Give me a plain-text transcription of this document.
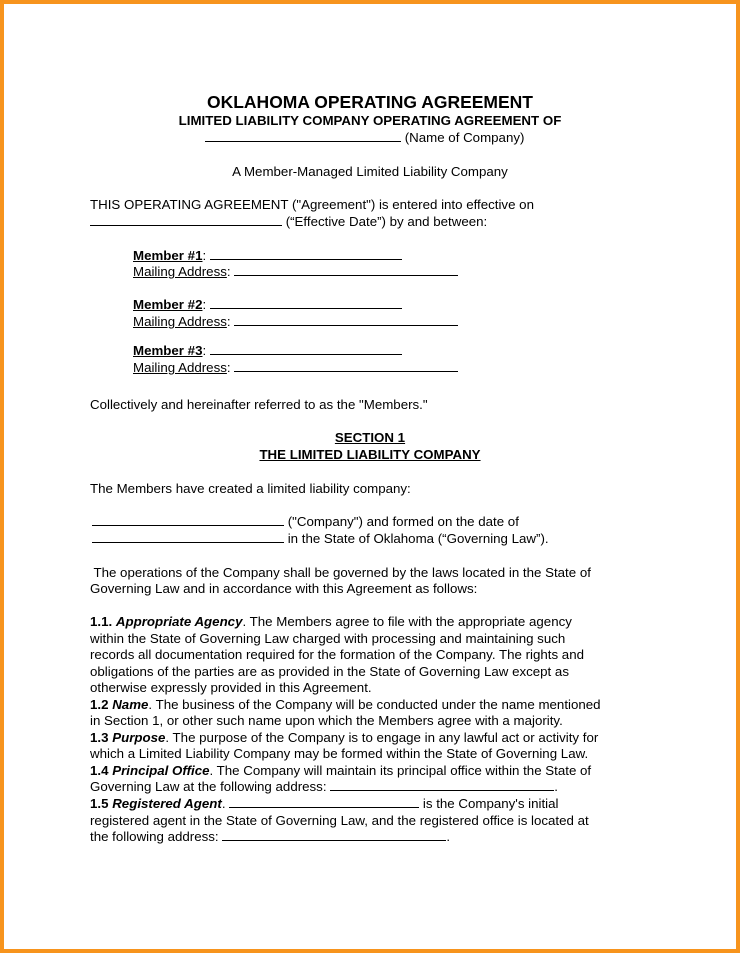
OKLAHOMA OPERATING AGREEMENT
LIMITED LIABILITY COMPANY OPERATING AGREEMENT OF
(Name of Company)
A Member-Managed Limited Liability Company
THIS OPERATING AGREEMENT ("Agreement") is entered into effective on
(“Effective Date”) by and between:
Member #1:
Mailing Address:
Member #2:
Mailing Address:
Member #3:
Mailing Address:
Collectively and hereinafter referred to as the "Members."
SECTION 1
THE LIMITED LIABILITY COMPANY
The Members have created a limited liability company:
("Company") and formed on the date of
in the State of Oklahoma (“Governing Law”).
The operations of the Company shall be governed by the laws located in the State of
Governing Law and in accordance with this Agreement as follows:
1.1. Appropriate Agency. The Members agree to file with the appropriate agency
within the State of Governing Law charged with processing and maintaining such
records all documentation required for the formation of the Company. The rights and
obligations of the parties are as provided in the State of Governing Law except as
otherwise expressly provided in this Agreement.
1.2 Name. The business of the Company will be conducted under the name mentioned
in Section 1, or other such name upon which the Members agree with a majority.
1.3 Purpose. The purpose of the Company is to engage in any lawful act or activity for
which a Limited Liability Company may be formed within the State of Governing Law.
1.4 Principal Office. The Company will maintain its principal office within the State of
Governing Law at the following address:	.
1.5 Registered Agent.	is the Company's initial
registered agent in the State of Governing Law, and the registered office is located at
the following address:	.
